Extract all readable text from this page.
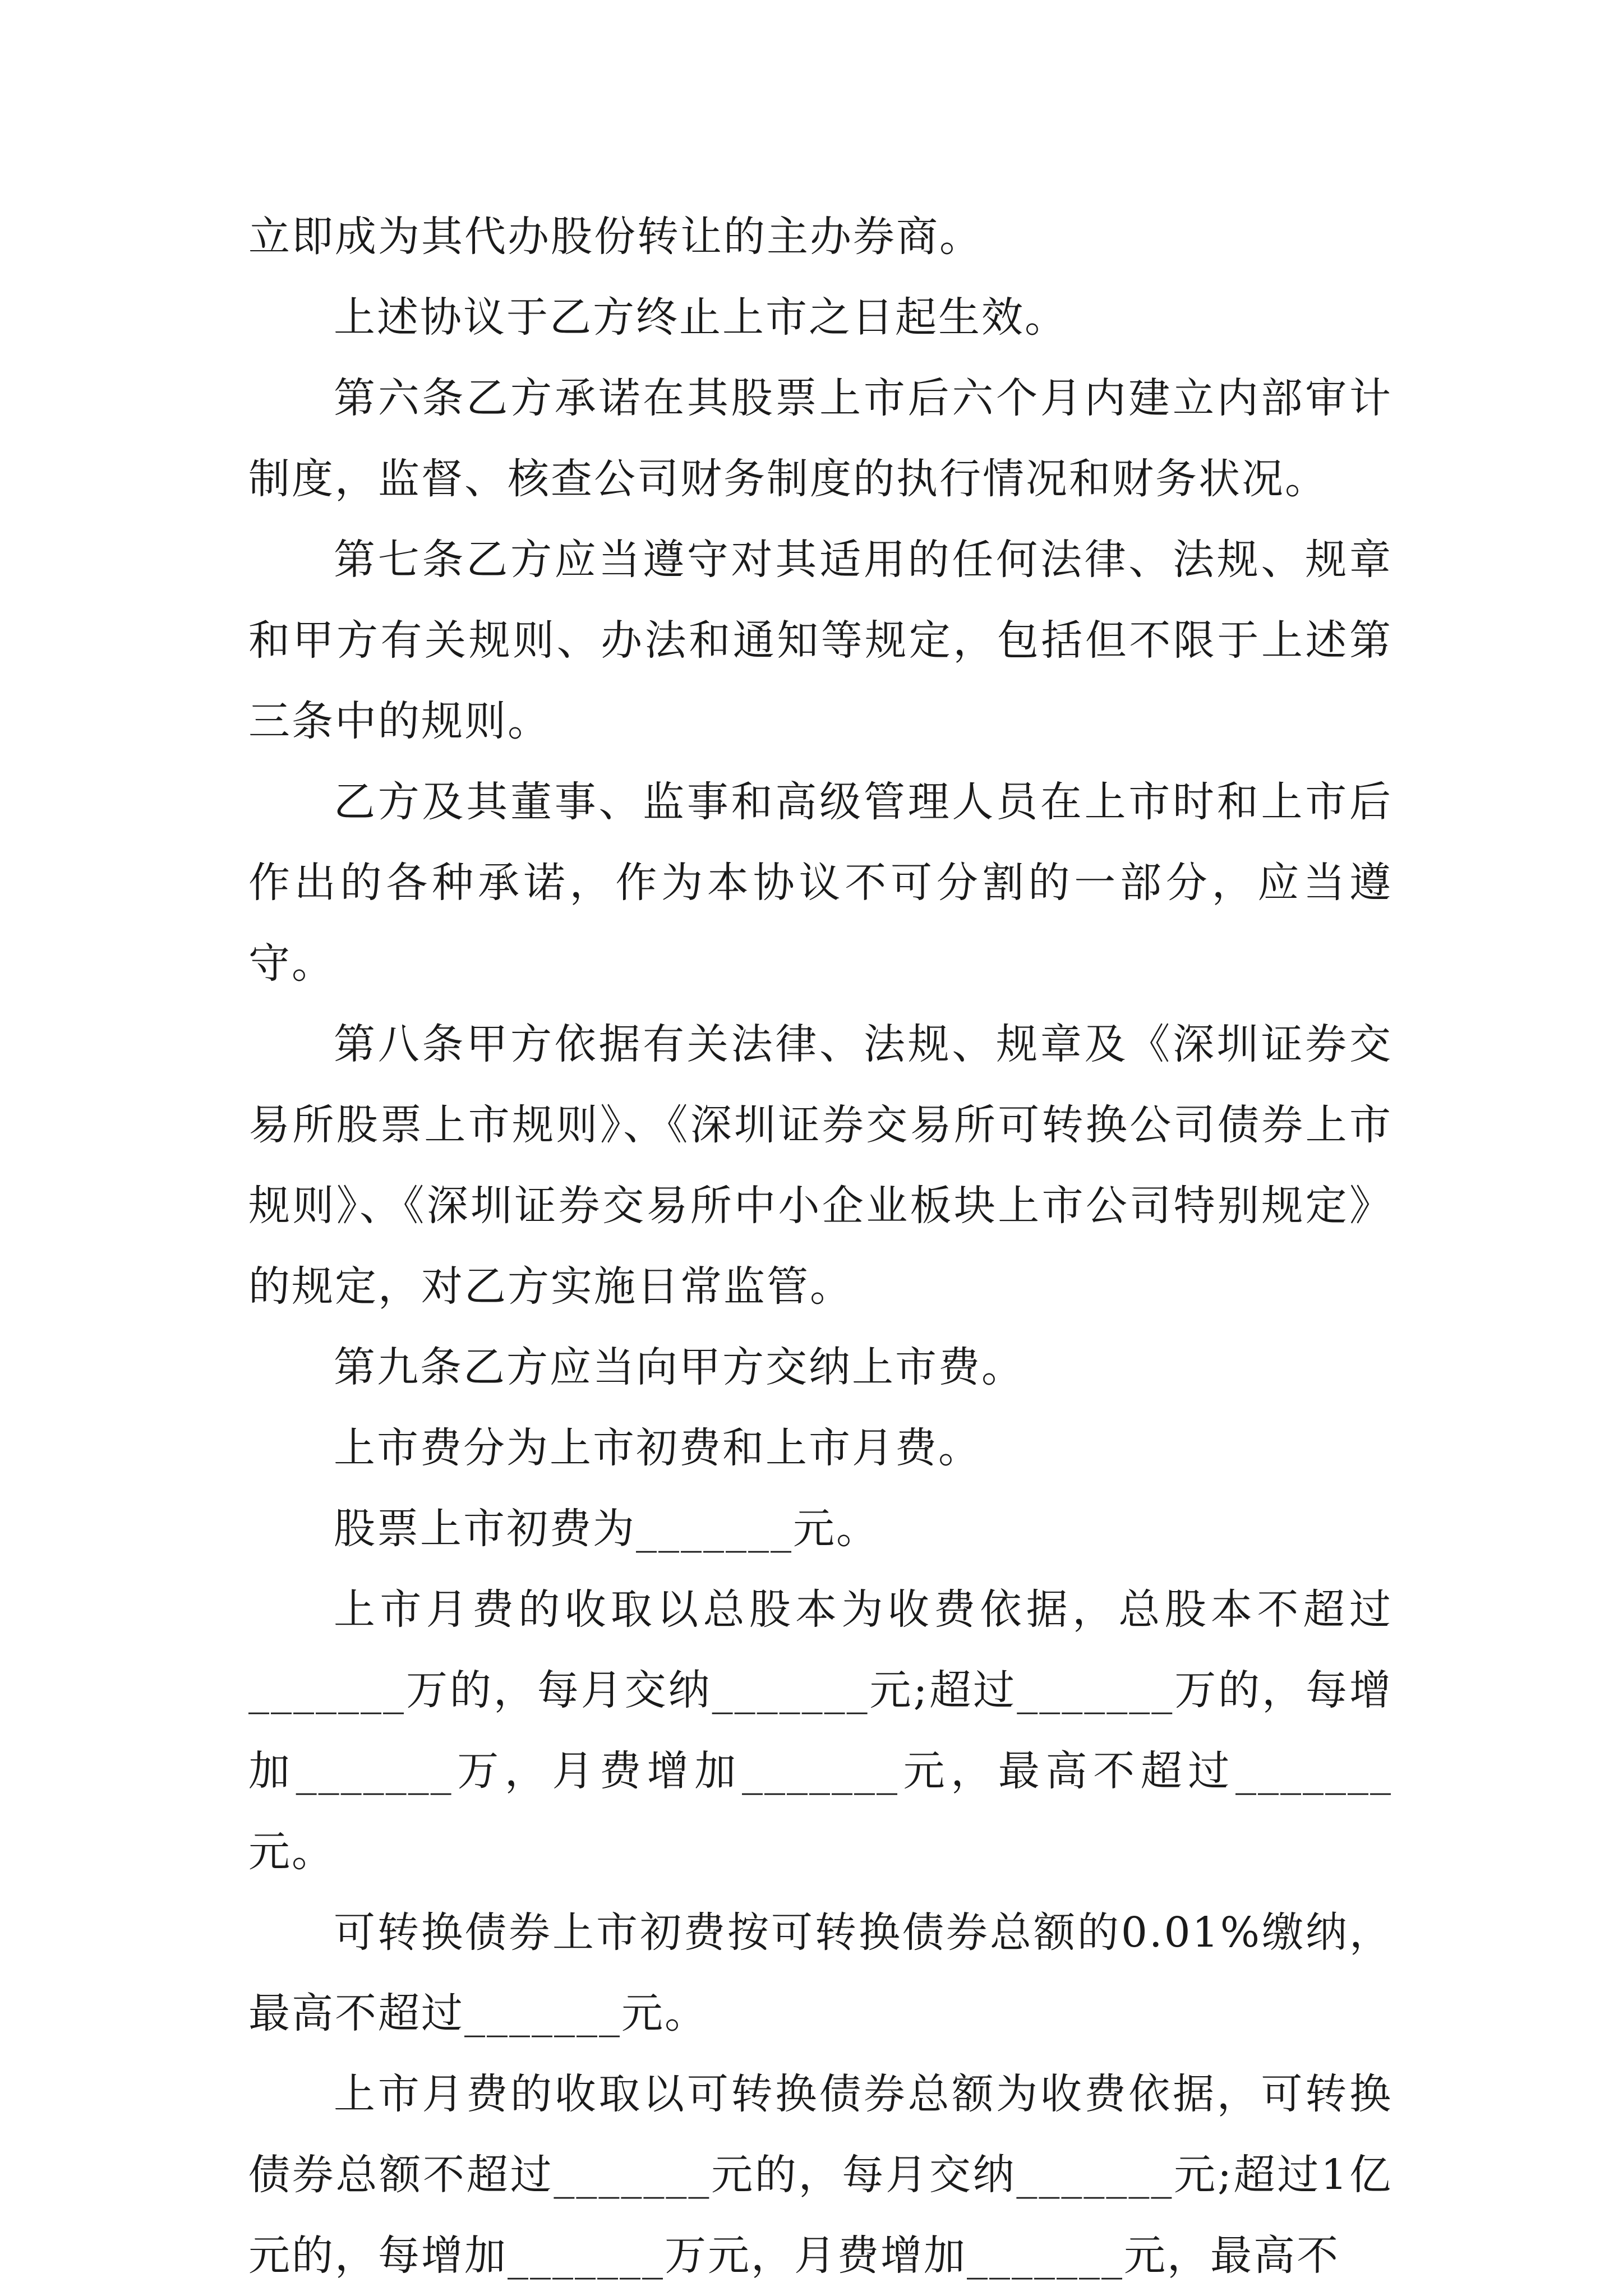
立即成为其代办股份转让的主办券商。

上述协议于乙方终止上市之日起生效。

第六条乙方承诺在其股票上市后六个月内建立内部审计制度，监督、核查公司财务制度的执行情况和财务状况。

第七条乙方应当遵守对其适用的任何法律、法规、规章和甲方有关规则、办法和通知等规定，包括但不限于上述第三条中的规则。

乙方及其董事、监事和高级管理人员在上市时和上市后作出的各种承诺，作为本协议不可分割的一部分，应当遵守。

第八条甲方依据有关法律、法规、规章及《深圳证券交易所股票上市规则》、《深圳证券交易所可转换公司债券上市规则》、《深圳证券交易所中小企业板块上市公司特别规定》的规定，对乙方实施日常监管。

第九条乙方应当向甲方交纳上市费。

上市费分为上市初费和上市月费。

股票上市初费为_______元。

上市月费的收取以总股本为收费依据，总股本不超过_______万的，每月交纳_______元;超过_______万的，每增加_______万，月费增加_______元，最高不超过_______元。

可转换债券上市初费按可转换债券总额的0.01%缴纳，最高不超过_______元。

上市月费的收取以可转换债券总额为收费依据，可转换债券总额不超过_______元的，每月交纳_______元;超过1亿元的，每增加_______万元，月费增加_______元，最高不
